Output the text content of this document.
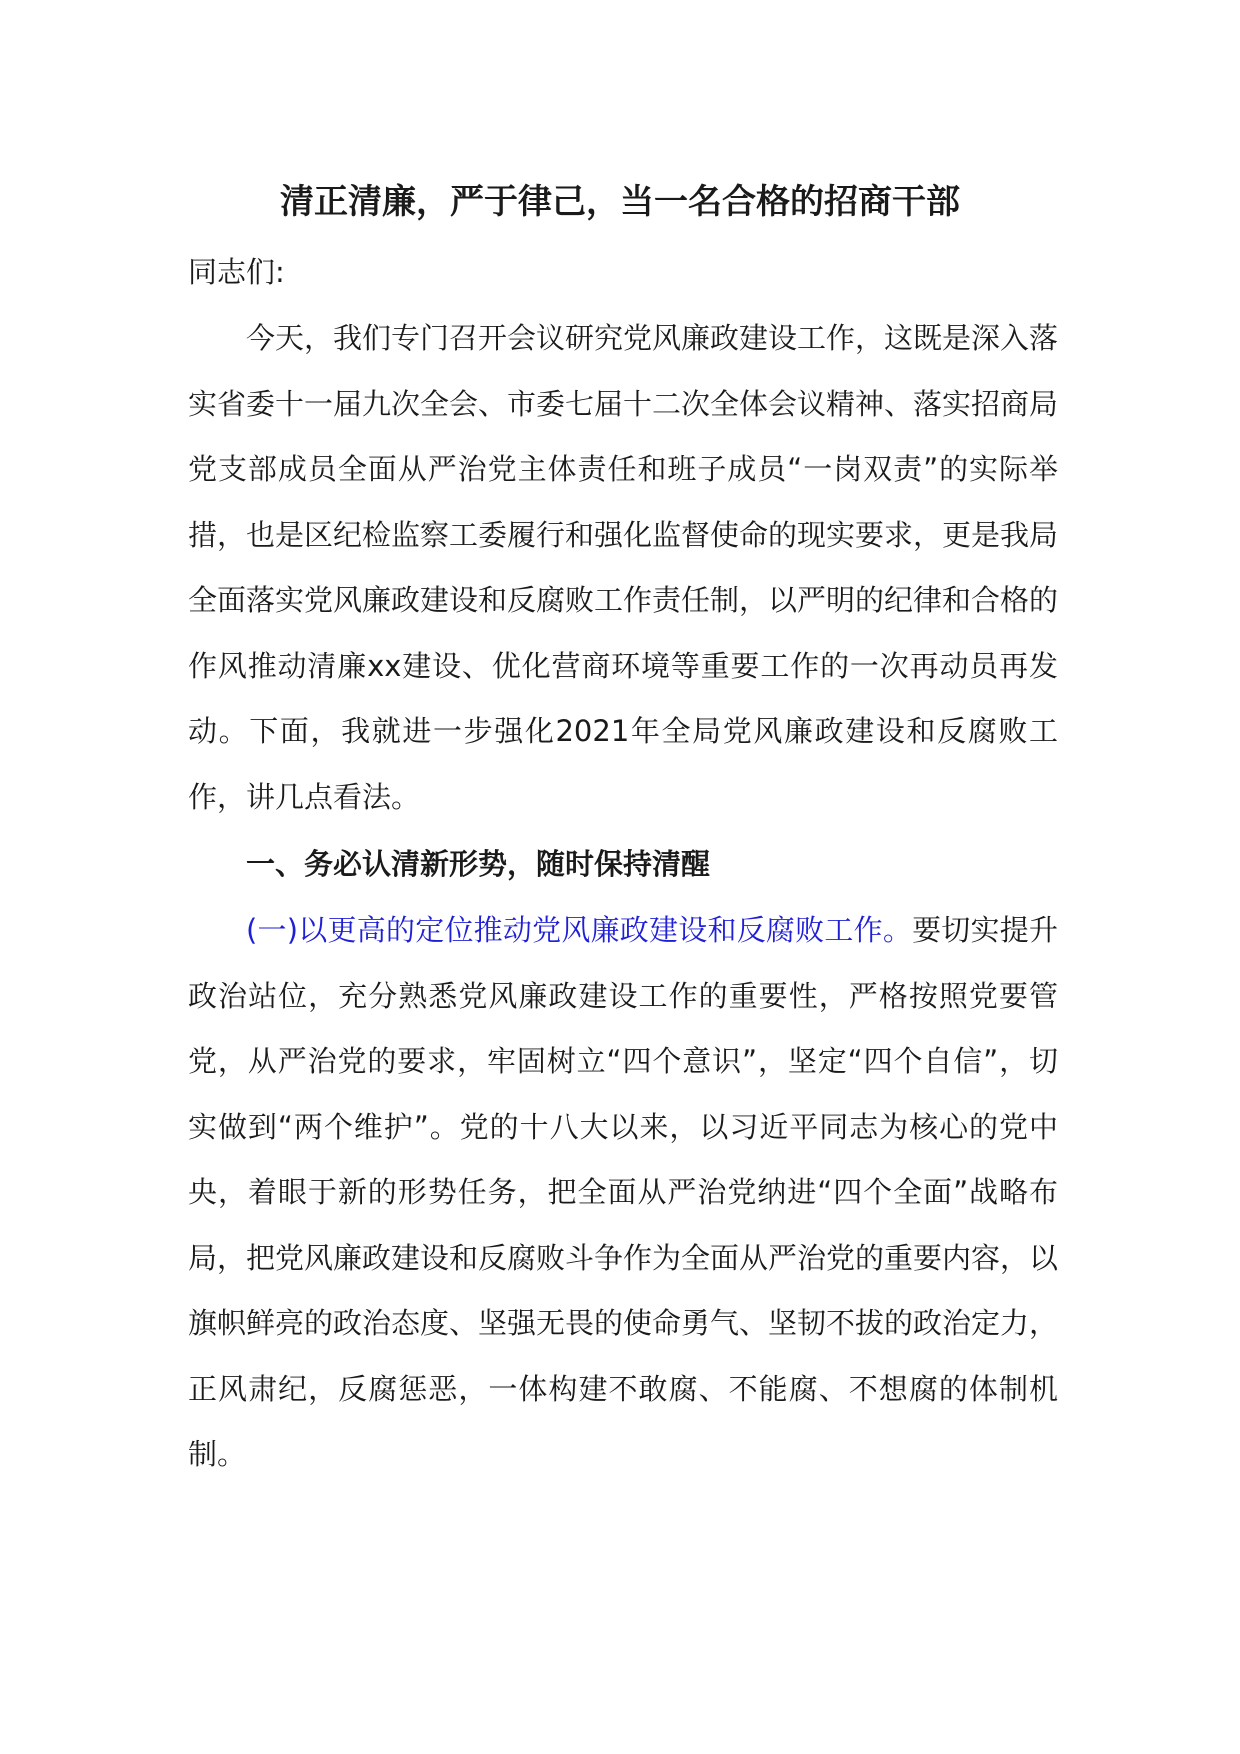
清正清廉，严于律己，当一名合格的招商干部

同志们:

今天，我们专门召开会议研究党风廉政建设工作，这既是深入落实省委十一届九次全会、市委七届十二次全体会议精神、落实招商局党支部成员全面从严治党主体责任和班子成员“一岗双责”的实际举措，也是区纪检监察工委履行和强化监督使命的现实要求，更是我局全面落实党风廉政建设和反腐败工作责任制，以严明的纪律和合格的作风推动清廉xx建设、优化营商环境等重要工作的一次再动员再发动。下面，我就进一步强化2021年全局党风廉政建设和反腐败工作，讲几点看法。

一、务必认清新形势，随时保持清醒

(一)以更高的定位推动党风廉政建设和反腐败工作。要切实提升政治站位，充分熟悉党风廉政建设工作的重要性，严格按照党要管党，从严治党的要求，牢固树立“四个意识”，坚定“四个自信”，切实做到“两个维护”。党的十八大以来，以习近平同志为核心的党中央，着眼于新的形势任务，把全面从严治党纳进“四个全面”战略布局，把党风廉政建设和反腐败斗争作为全面从严治党的重要内容，以旗帜鲜亮的政治态度、坚强无畏的使命勇气、坚韧不拔的政治定力，正风肃纪，反腐惩恶，一体构建不敢腐、不能腐、不想腐的体制机制。
